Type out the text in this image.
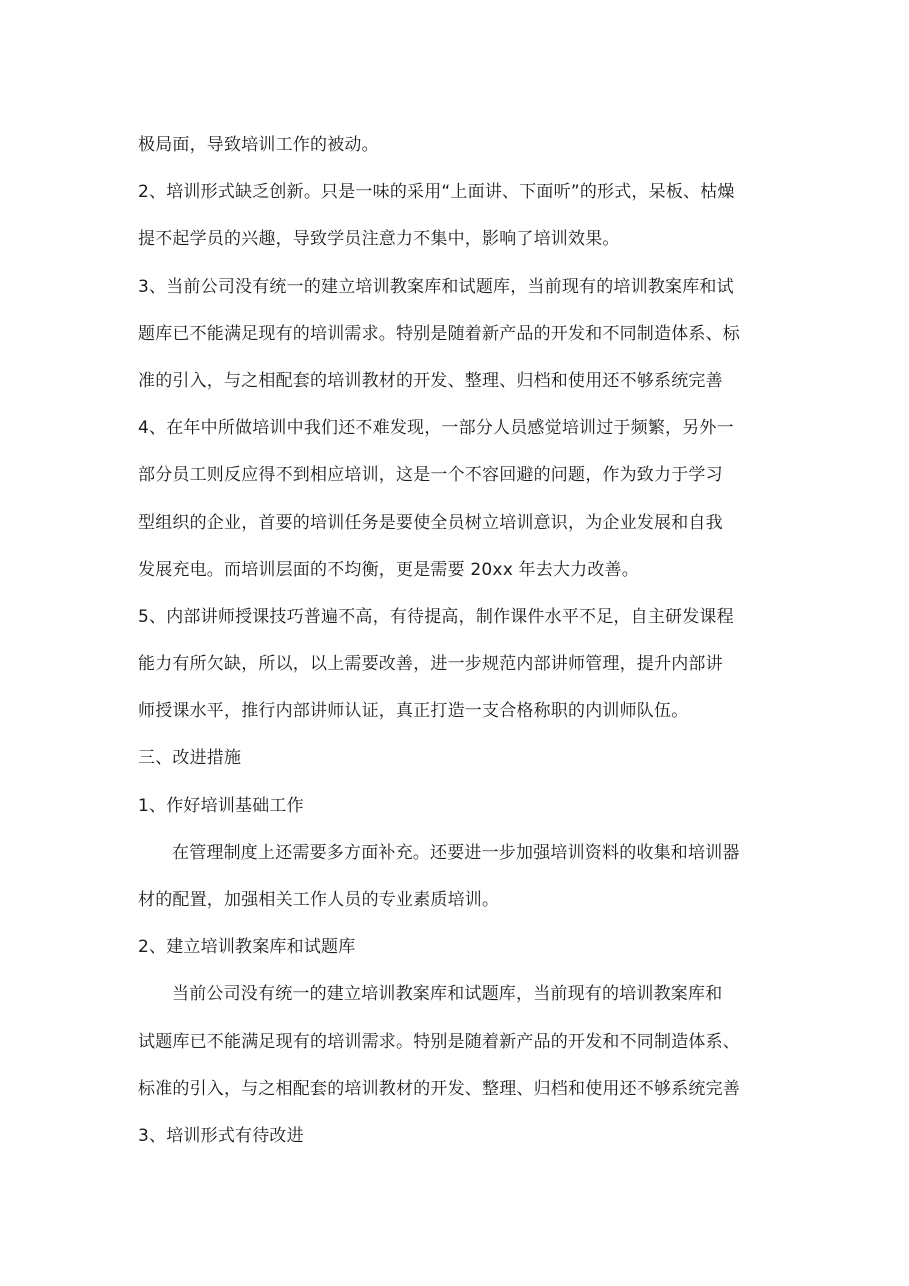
极局面，导致培训工作的被动。
2、培训形式缺乏创新。只是一味的采用“上面讲、下面听”的形式，呆板、枯燥
提不起学员的兴趣，导致学员注意力不集中，影响了培训效果。
3、当前公司没有统一的建立培训教案库和试题库，当前现有的培训教案库和试
题库已不能满足现有的培训需求。特别是随着新产品的开发和不同制造体系、标
准的引入，与之相配套的培训教材的开发、整理、归档和使用还不够系统完善
4、在年中所做培训中我们还不难发现，一部分人员感觉培训过于频繁，另外一
部分员工则反应得不到相应培训，这是一个不容回避的问题，作为致力于学习
型组织的企业，首要的培训任务是要使全员树立培训意识，为企业发展和自我
发展充电。而培训层面的不均衡，更是需要 20xx 年去大力改善。
5、内部讲师授课技巧普遍不高，有待提高，制作课件水平不足，自主研发课程
能力有所欠缺，所以，以上需要改善，进一步规范内部讲师管理，提升内部讲
师授课水平，推行内部讲师认证，真正打造一支合格称职的内训师队伍。
三、改进措施
1、作好培训基础工作
在管理制度上还需要多方面补充。还要进一步加强培训资料的收集和培训器
材的配置，加强相关工作人员的专业素质培训。
2、建立培训教案库和试题库
当前公司没有统一的建立培训教案库和试题库，当前现有的培训教案库和
试题库已不能满足现有的培训需求。特别是随着新产品的开发和不同制造体系、
标准的引入，与之相配套的培训教材的开发、整理、归档和使用还不够系统完善
3、培训形式有待改进
